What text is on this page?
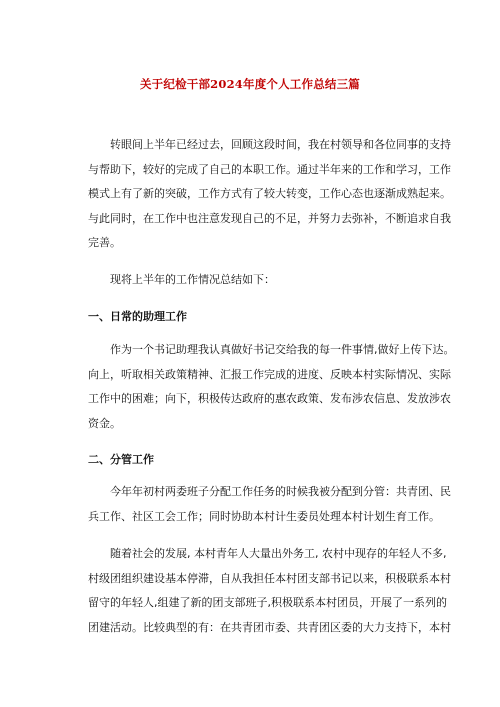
关于纪检干部2024年度个人工作总结三篇
转眼间上半年已经过去，回顾这段时间，我在村领导和各位同事的支持
与帮助下，较好的完成了自己的本职工作。通过半年来的工作和学习，工作
模式上有了新的突破，工作方式有了较大转变，工作心态也逐渐成熟起来。
与此同时，在工作中也注意发现自己的不足，并努力去弥补，不断追求自我
完善。
现将上半年的工作情况总结如下：
一、日常的助理工作
作为一个书记助理我认真做好书记交给我的每一件事情,做好上传下达。
向上，听取相关政策精神、汇报工作完成的进度、反映本村实际情况、实际
工作中的困难；向下，积极传达政府的惠农政策、发布涉农信息、发放涉农
资金。
二、分管工作
今年年初村两委班子分配工作任务的时候我被分配到分管：共青团、民
兵工作、社区工会工作；同时协助本村计生委员处理本村计划生育工作。
随着社会的发展, 本村青年人大量出外务工, 农村中现存的年轻人不多,
村级团组织建设基本停滞，自从我担任本村团支部书记以来，积极联系本村
留守的年轻人,组建了新的团支部班子,积极联系本村团员，开展了一系列的
团建活动。比较典型的有：在共青团市委、共青团区委的大力支持下，本村
